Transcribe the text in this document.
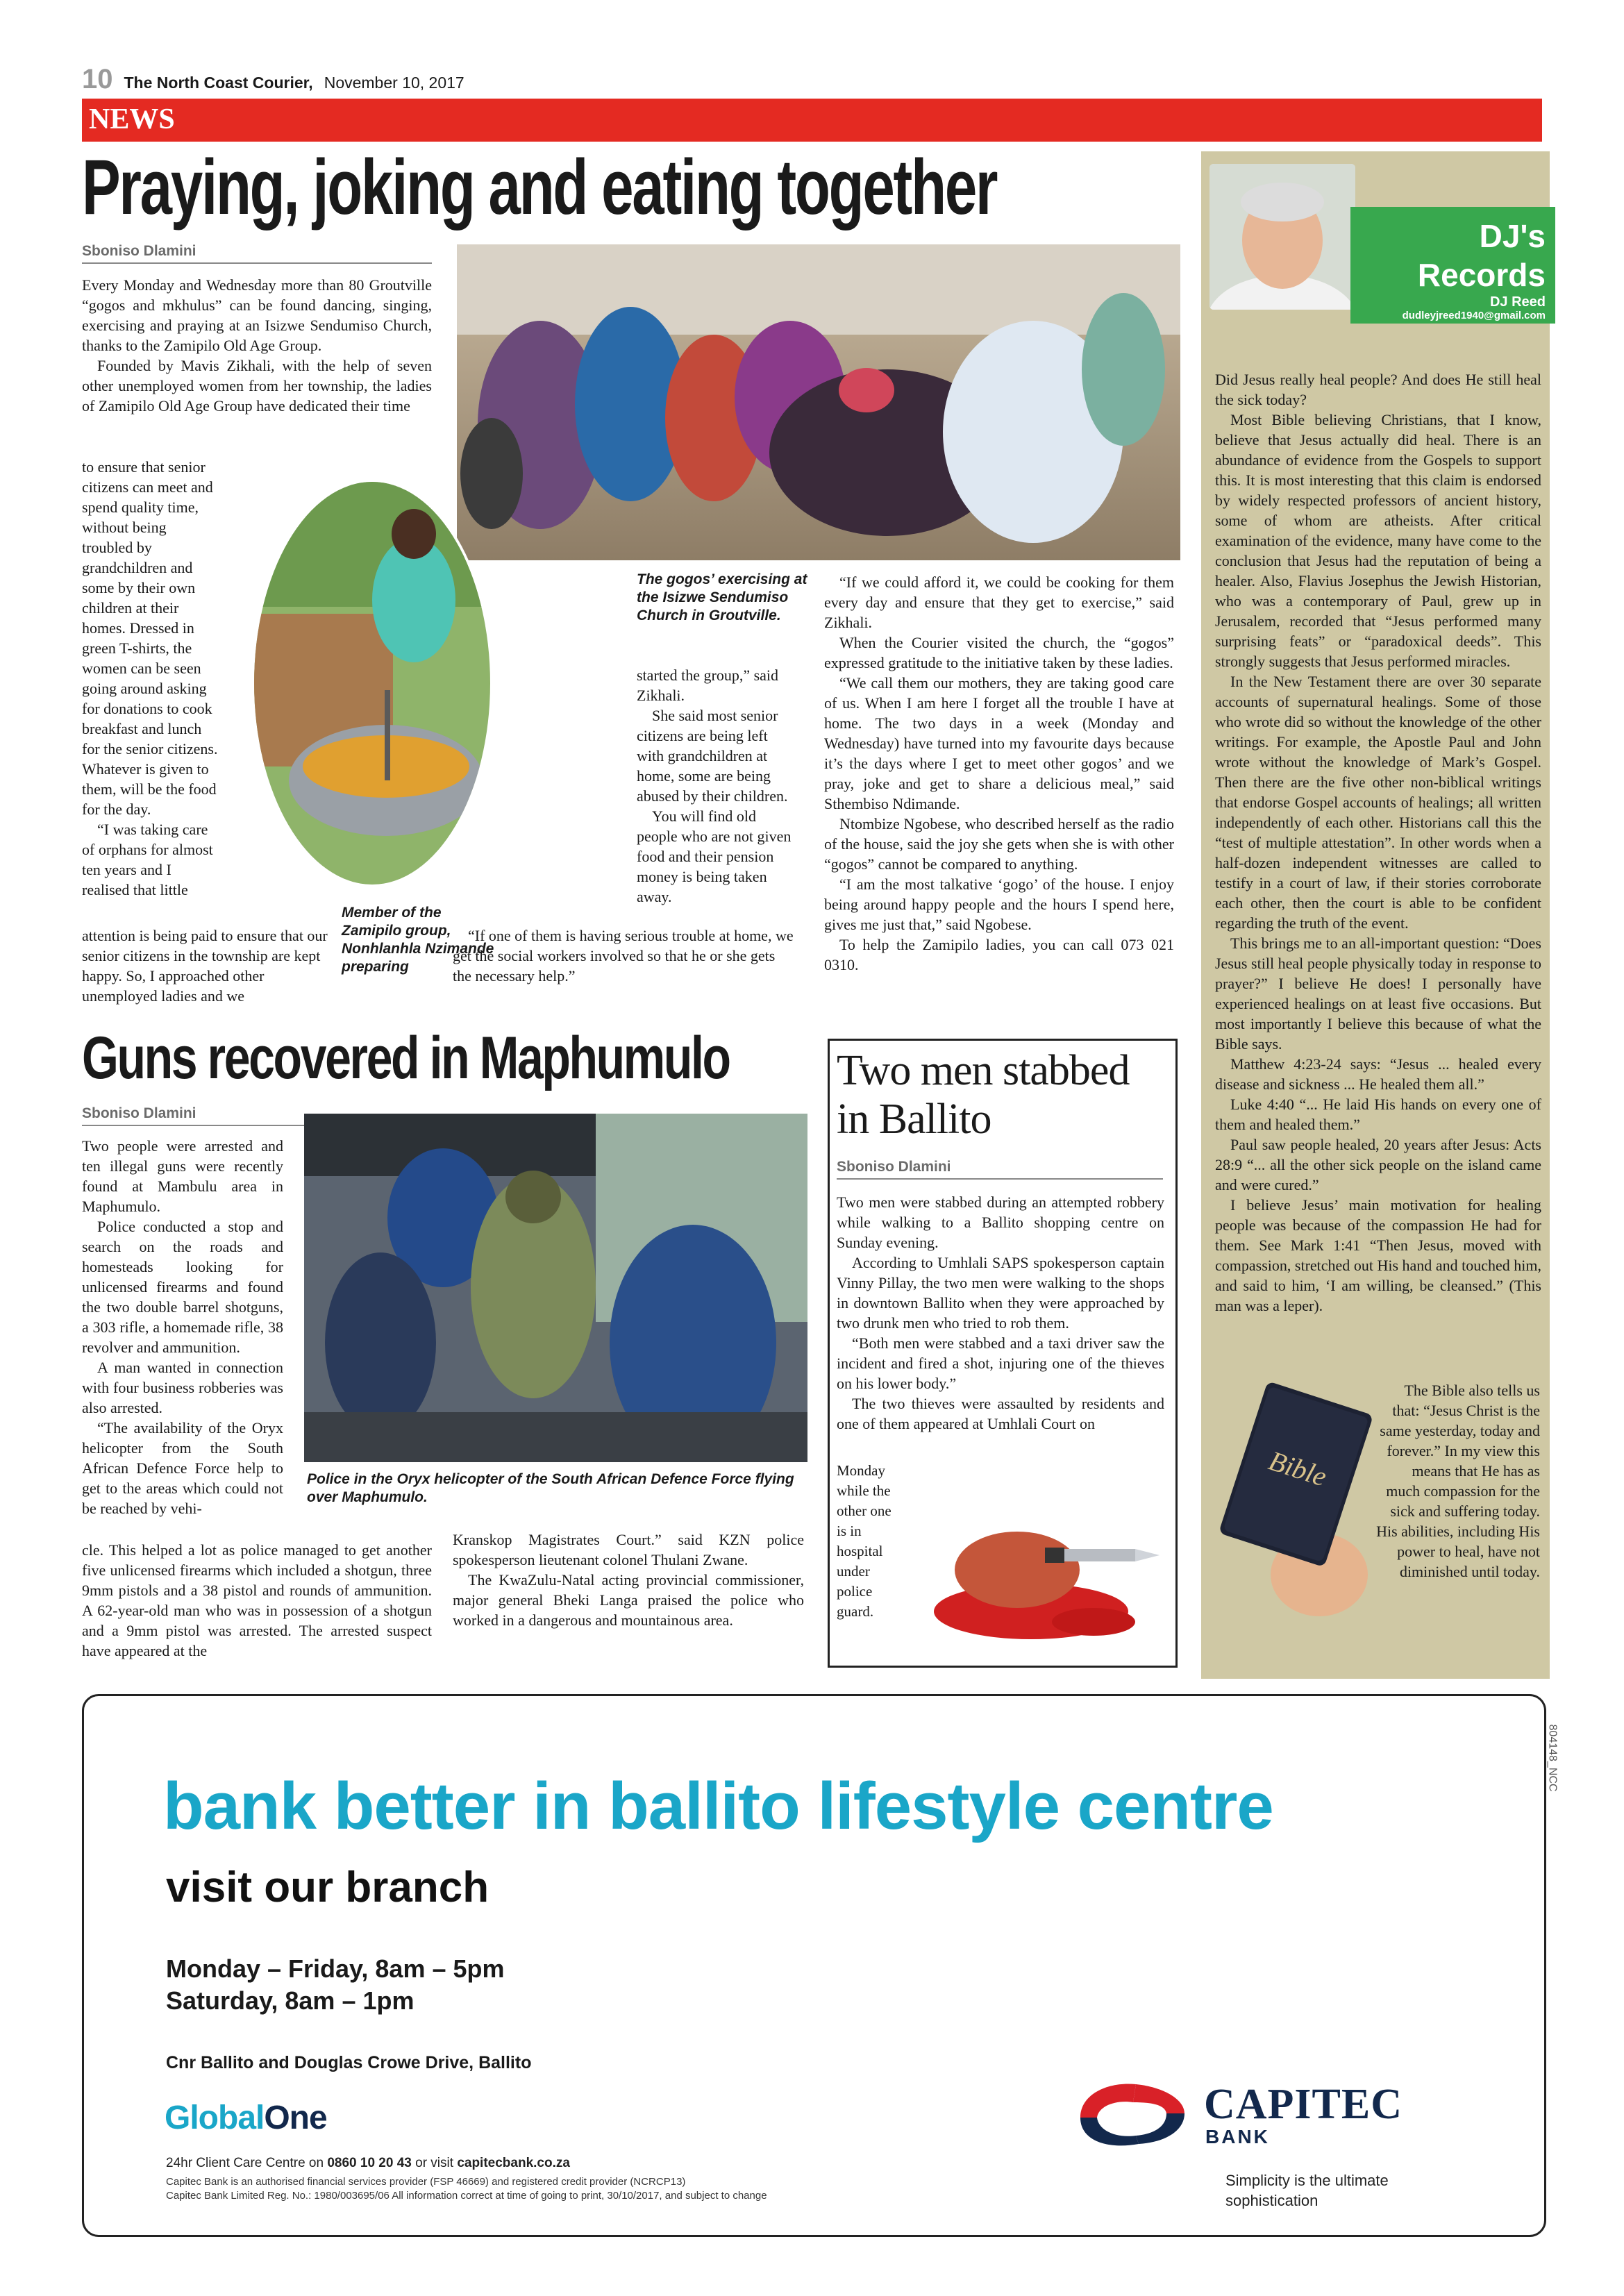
10 The North Coast Courier, November 10, 2017
NEWS
Praying, joking and eating together
Sboniso Dlamini

Every Monday and Wednesday more than 80 Groutville “gogos and mkhulus” can be found dancing, singing, exercising and praying at an Isizwe Sendumiso Church, thanks to the Zamipilo Old Age Group.

Founded by Mavis Zikhali, with the help of seven other unemployed women from her township, the ladies of Zamipilo Old Age Group have dedicated their time

to ensure that senior citizens can meet and spend quality time, without being troubled by grandchildren and some by their own children at their homes. Dressed in green T-shirts, the women can be seen going around asking for donations to cook breakfast and lunch for the senior citizens. Whatever is given to them, will be the food for the day.

“I was taking care of orphans for almost ten years and I realised that little

attention is being paid to ensure that our senior citizens in the township are kept happy. So, I approached other unemployed ladies and we

The gogos’ exercising at the Isizwe Sendumiso Church in Groutville.
Member of the Zamipilo group, Nonhlanhla Nzimande preparing

started the group,” said Zikhali.

She said most senior citizens are being left with grandchildren at home, some are being abused by their children.

You will find old people who are not given food and their pension money is being taken away.

“If one of them is having serious trouble at home, we get the social workers involved so that he or she gets the necessary help.”

“If we could afford it, we could be cooking for them every day and ensure that they get to exercise,” said Zikhali.

When the Courier visited the church, the “gogos” expressed gratitude to the initiative taken by these ladies.

“We call them our mothers, they are taking good care of us. When I am here I forget all the trouble I have at home. The two days in a week (Monday and Wednesday) have turned into my favourite days because it’s the days where I get to meet other gogos’ and we pray, joke and get to share a delicious meal,” said Sthembiso Ndimande.

Ntombize Ngobese, who described herself as the radio of the house, said the joy she gets when she is with other “gogos” cannot be compared to anything.

“I am the most talkative ‘gogo’ of the house. I enjoy being around happy people and the hours I spend here, gives me just that,” said Ngobese.

To help the Zamipilo ladies, you can call 073 021 0310.

Guns recovered in Maphumulo
Sboniso Dlamini

Two people were arrested and ten illegal guns were recently found at Mambulu area in Maphumulo.

Police conducted a stop and search on the roads and homesteads looking for unlicensed firearms and found the two double barrel shotguns, a 303 rifle, a homemade rifle, 38 revolver and ammunition.

A man wanted in connection with four business robberies was also arrested.

“The availability of the Oryx helicopter from the South African Defence Force help to get to the areas which could not be reached by vehi-

Police in the Oryx helicopter of the South African Defence Force flying over Maphumulo.

cle. This helped a lot as police managed to get another five unlicensed firearms which included a shotgun, three 9mm pistols and a 38 pistol and rounds of ammunition. A 62-year-old man who was in possession of a shotgun and a 9mm pistol was arrested. The arrested suspect have appeared at the

Kranskop Magistrates Court.” said KZN police spokesperson lieutenant colonel Thulani Zwane.

The KwaZulu-Natal acting provincial commissioner, major general Bheki Langa praised the police who worked in a dangerous and mountainous area.

Two men stabbed
in Ballito
Sboniso Dlamini

Two men were stabbed during an attempted robbery while walking to a Ballito shopping centre on Sunday evening.

According to Umhlali SAPS spokesperson captain Vinny Pillay, the two men were walking to the shops in downtown Ballito when they were approached by two drunk men who tried to rob them.

“Both men were stabbed and a taxi driver saw the incident and fired a shot, injuring one of the thieves on his lower body.”

The two thieves were assaulted by residents and one of them appeared at Umhlali Court on

Monday while the other one is in hospital under police guard.
DJ's
Records
DJ Reed
dudleyjreed1940@gmail.com

Did Jesus really heal people? And does He still heal the sick today?

Most Bible believing Christians, that I know, believe that Jesus actually did heal. There is an abundance of evidence from the Gospels to support this. It is most interesting that this claim is endorsed by widely respected professors of ancient history, some of whom are atheists. After critical examination of the evidence, many have come to the conclusion that Jesus had the reputation of being a healer. Also, Flavius Josephus the Jewish Historian, who was a contemporary of Paul, grew up in Jerusalem, recorded that “Jesus performed many surprising feats” or “paradoxical deeds”. This strongly suggests that Jesus performed miracles.

In the New Testament there are over 30 separate accounts of supernatural healings. Some of those who wrote did so without the knowledge of the other writings. For example, the Apostle Paul and John wrote without the knowledge of Mark’s Gospel. Then there are the five other non-biblical writings that endorse Gospel accounts of healings; all written independently of each other. Historians call this the “test of multiple attestation”. In other words when a half-dozen independent witnesses are called to testify in a court of law, if their stories corroborate each other, then the court is able to be confident regarding the truth of the event.

This brings me to an all-important question: “Does Jesus still heal people physically today in response to prayer?” I believe He does! I personally have experienced healings on at least five occasions. But most importantly I believe this because of what the Bible says.

Matthew 4:23-24 says: “Jesus ... healed every disease and sickness ... He healed them all.”

Luke 4:40 “... He laid His hands on every one of them and healed them.”

Paul saw people healed, 20 years after Jesus: Acts 28:9 “... all the other sick people on the island came and were cured.”

I believe Jesus’ main motivation for healing people was because of the compassion He had for them. See Mark 1:41 “Then Jesus, moved with compassion, stretched out His hand and touched him, and said to him, ‘I am willing, be cleansed.” (This man was a leper).

Bible
The Bible also tells us that: “Jesus Christ is the same yesterday, today and forever.” In my view this means that He has as much compassion for the sick and suffering today. His abilities, including His power to heal, have not diminished until today.
804148_NCC
bank better in ballito lifestyle centre
visit our branch
Monday – Friday, 8am – 5pm
Saturday, 8am – 1pm
Cnr Ballito and Douglas Crowe Drive, Ballito
GlobalOne
24hr Client Care Centre on 0860 10 20 43 or visit capitecbank.co.za
Capitec Bank is an authorised financial services provider (FSP 46669) and registered credit provider (NCRCP13)
Capitec Bank Limited Reg. No.: 1980/003695/06 All information correct at time of going to print, 30/10/2017, and subject to change
CAPITEC
BANK
Simplicity is the ultimate
sophistication
